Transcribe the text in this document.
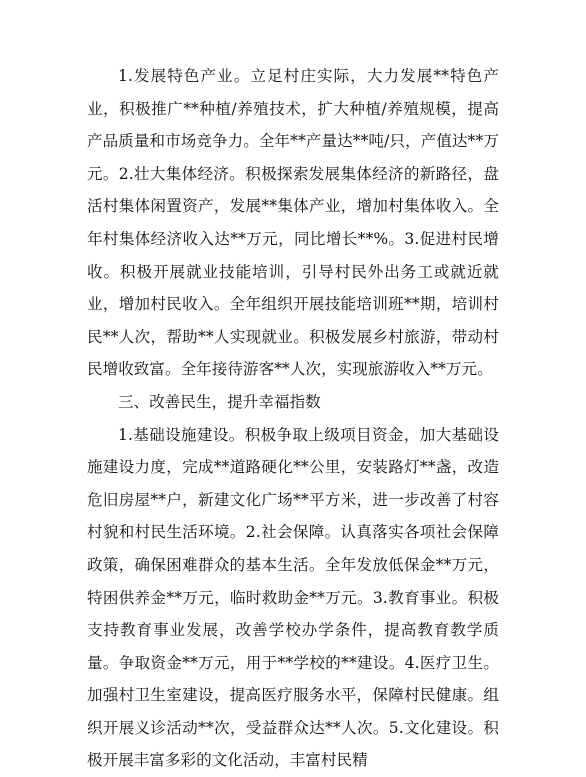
1.发展特色产业。立足村庄实际，大力发展**特色产业，积极推广**种植/养殖技术，扩大种植/养殖规模，提高产品质量和市场竞争力。全年**产量达**吨/只，产值达**万元。2.壮大集体经济。积极探索发展集体经济的新路径，盘活村集体闲置资产，发展**集体产业，增加村集体收入。全年村集体经济收入达**万元，同比增长**%。3.促进村民增收。积极开展就业技能培训，引导村民外出务工或就近就业，增加村民收入。全年组织开展技能培训班**期，培训村民**人次，帮助**人实现就业。积极发展乡村旅游，带动村民增收致富。全年接待游客**人次，实现旅游收入**万元。

三、改善民生，提升幸福指数

1.基础设施建设。积极争取上级项目资金，加大基础设施建设力度，完成**道路硬化**公里，安装路灯**盏，改造危旧房屋**户，新建文化广场**平方米，进一步改善了村容村貌和村民生活环境。2.社会保障。认真落实各项社会保障政策，确保困难群众的基本生活。全年发放低保金**万元，特困供养金**万元，临时救助金**万元。3.教育事业。积极支持教育事业发展，改善学校办学条件，提高教育教学质量。争取资金**万元，用于**学校的**建设。4.医疗卫生。加强村卫生室建设，提高医疗服务水平，保障村民健康。组织开展义诊活动**次，受益群众达**人次。5.文化建设。积极开展丰富多彩的文化活动，丰富村民精
